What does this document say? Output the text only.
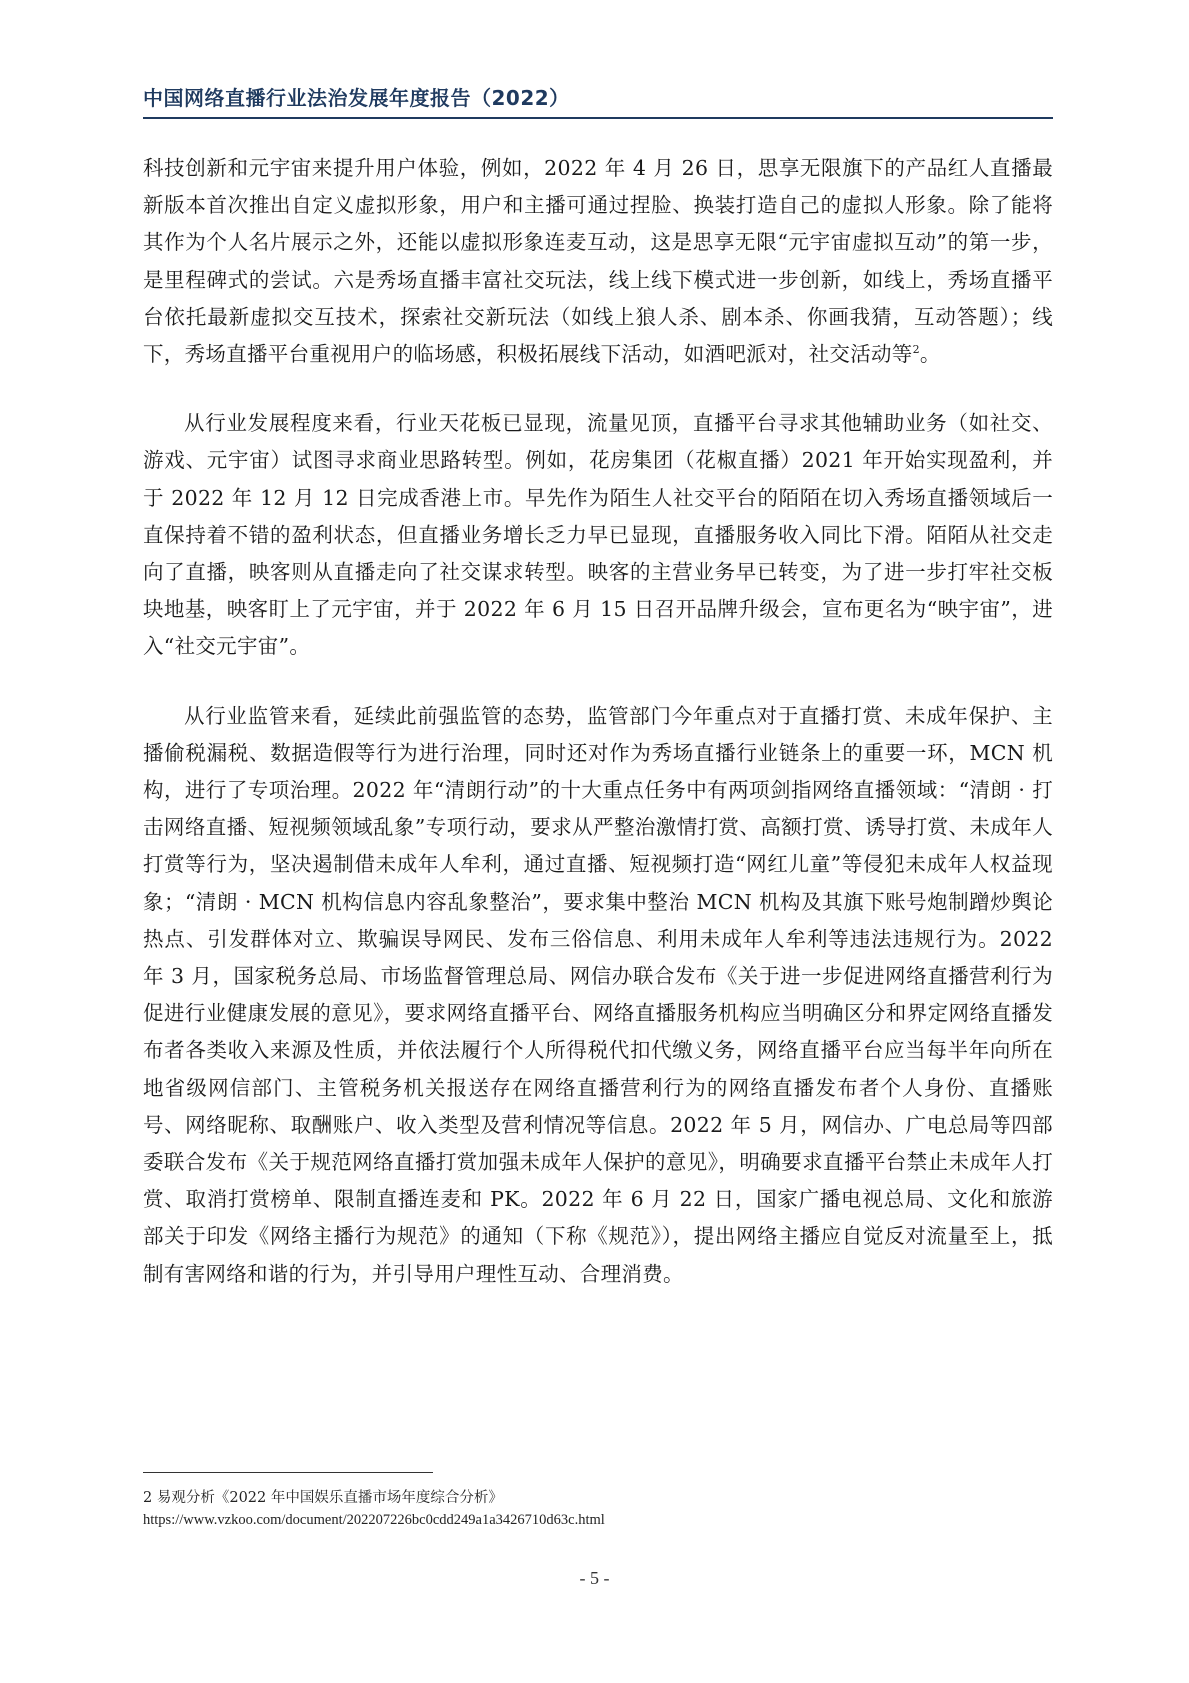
中国网络直播行业法治发展年度报告（2022）

科技创新和元宇宙来提升用户体验，例如，2022 年 4 月 26 日，思享无限旗下的产品红人直播最新版本首次推出自定义虚拟形象，用户和主播可通过捏脸、换装打造自己的虚拟人形象。除了能将其作为个人名片展示之外，还能以虚拟形象连麦互动，这是思享无限“元宇宙虚拟互动”的第一步，是里程碑式的尝试。六是秀场直播丰富社交玩法，线上线下模式进一步创新，如线上，秀场直播平台依托最新虚拟交互技术，探索社交新玩法（如线上狼人杀、剧本杀、你画我猜，互动答题）；线下，秀场直播平台重视用户的临场感，积极拓展线下活动，如酒吧派对，社交活动等$^2$。

从行业发展程度来看，行业天花板已显现，流量见顶，直播平台寻求其他辅助业务（如社交、游戏、元宇宙）试图寻求商业思路转型。例如，花房集团（花椒直播）2021 年开始实现盈利，并于 2022 年 12 月 12 日完成香港上市。早先作为陌生人社交平台的陌陌在切入秀场直播领域后一直保持着不错的盈利状态，但直播业务增长乏力早已显现，直播服务收入同比下滑。陌陌从社交走向了直播，映客则从直播走向了社交谋求转型。映客的主营业务早已转变，为了进一步打牢社交板块地基，映客盯上了元宇宙，并于 2022 年 6 月 15 日召开品牌升级会，宣布更名为“映宇宙”，进入“社交元宇宙”。

从行业监管来看，延续此前强监管的态势，监管部门今年重点对于直播打赏、未成年保护、主播偷税漏税、数据造假等行为进行治理，同时还对作为秀场直播行业链条上的重要一环，MCN 机构，进行了专项治理。2022 年“清朗行动”的十大重点任务中有两项剑指网络直播领域：“清朗 · 打击网络直播、短视频领域乱象”专项行动，要求从严整治激情打赏、高额打赏、诱导打赏、未成年人打赏等行为，坚决遏制借未成年人牟利，通过直播、短视频打造“网红儿童”等侵犯未成年人权益现象；“清朗 · MCN 机构信息内容乱象整治”，要求集中整治 MCN 机构及其旗下账号炮制蹭炒舆论热点、引发群体对立、欺骗误导网民、发布三俗信息、利用未成年人牟利等违法违规行为。2022 年 3 月，国家税务总局、市场监督管理总局、网信办联合发布《关于进一步促进网络直播营利行为促进行业健康发展的意见》，要求网络直播平台、网络直播服务机构应当明确区分和界定网络直播发布者各类收入来源及性质，并依法履行个人所得税代扣代缴义务，网络直播平台应当每半年向所在地省级网信部门、主管税务机关报送存在网络直播营利行为的网络直播发布者个人身份、直播账号、网络昵称、取酬账户、收入类型及营利情况等信息。2022 年 5 月，网信办、广电总局等四部委联合发布《关于规范网络直播打赏加强未成年人保护的意见》，明确要求直播平台禁止未成年人打赏、取消打赏榜单、限制直播连麦和 PK。2022 年 6 月 22 日，国家广播电视总局、文化和旅游部关于印发《网络主播行为规范》的通知（下称《规范》），提出网络主播应自觉反对流量至上，抵制有害网络和谐的行为，并引导用户理性互动、合理消费。

2 易观分析《2022 年中国娱乐直播市场年度综合分析》
https://www.vzkoo.com/document/202207226bc0cdd249a1a3426710d63c.html
- 5 -
